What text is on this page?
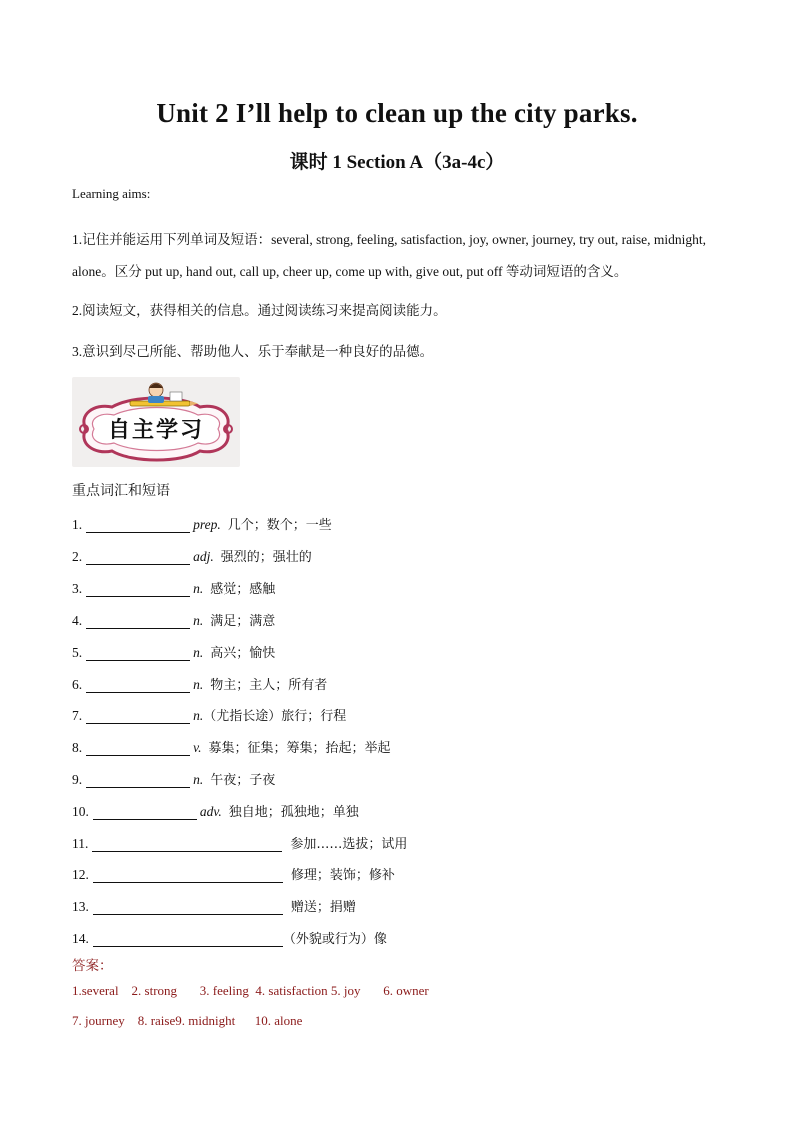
Unit 2 I’ll help to clean up the city parks.
课时 1 Section A（3a-4c）
Learning aims:
1.记住并能运用下列单词及短语：several, strong, feeling, satisfaction, joy, owner, journey, try out, raise, midnight,
alone。区分 put up, hand out, call up, cheer up, come up with, give out, put off 等动词短语的含义。
2.阅读短文，获得相关的信息。通过阅读练习来提高阅读能力。
3.意识到尽己所能、帮助他人、乐于奉献是一种良好的品德。
自主学习
重点词汇和短语
1.	prep. 几个；数个；一些
2.	adj. 强烈的；强壮的
3.	n. 感觉；感触
4.	n. 满足；满意
5.	n. 高兴；愉快
6.	n. 物主；主人；所有者
7.	n. （尤指长途）旅行；行程
8.	v. 募集；征集；筹集；抬起；举起
9.	n. 午夜；子夜
10.	adv. 独自地；孤独地；单独
11.	参加……选拔；试用
12.	修理；装饰；修补
13.	赠送；捐赠
14.	（外貌或行为）像
答案：
1.several    2. strong       3. feeling  4. satisfaction 5. joy       6. owner
7. journey    8. raise9. midnight      10. alone
